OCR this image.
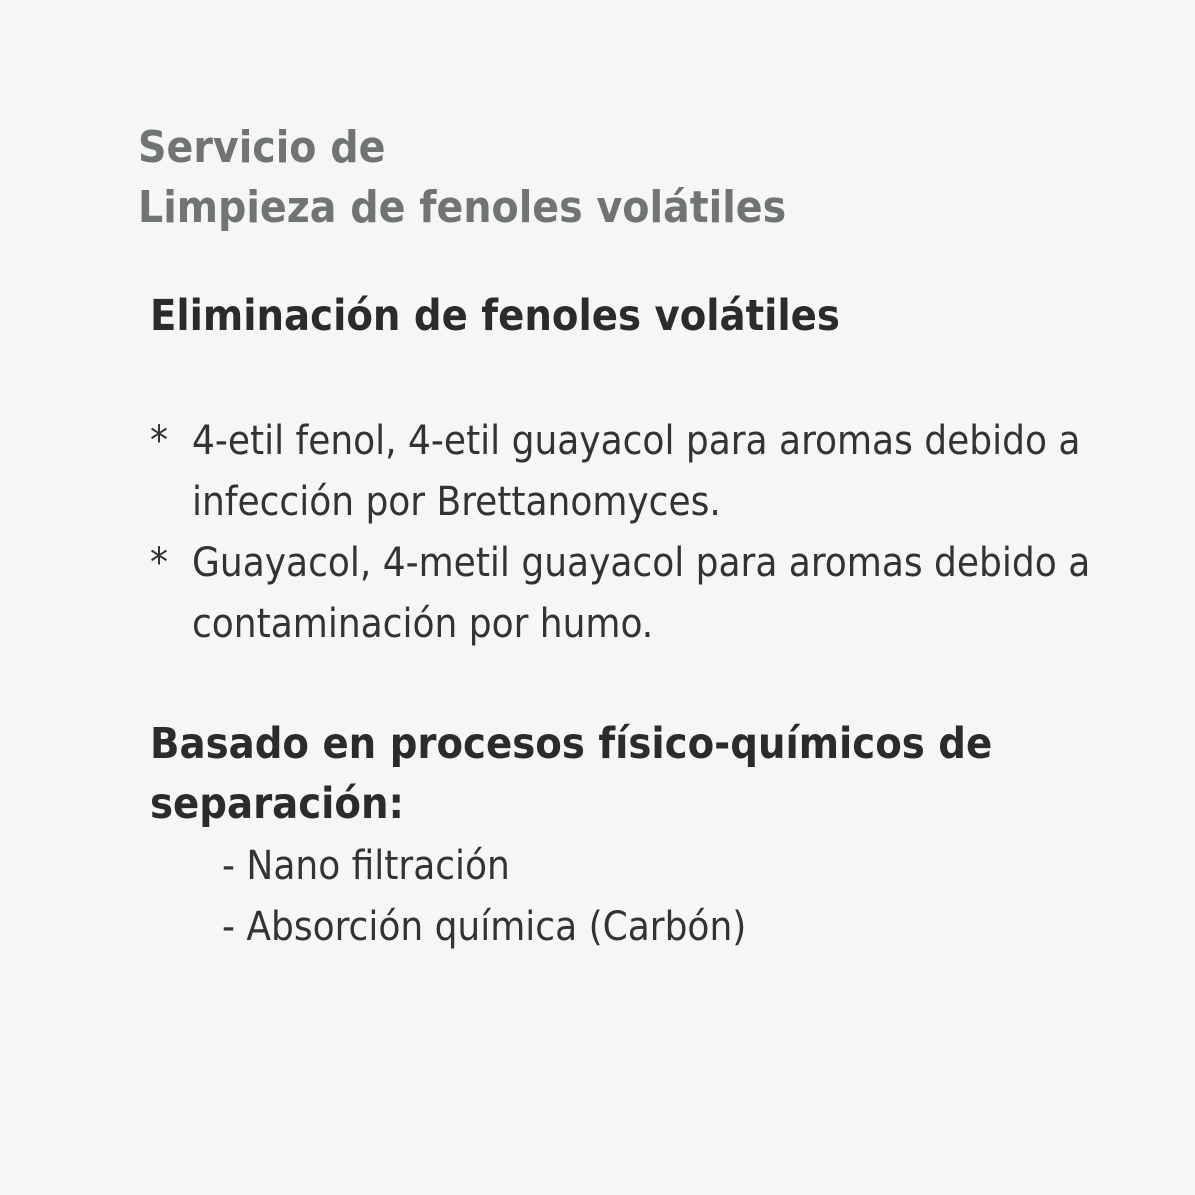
Servicio de
Limpieza de fenoles volátiles
Eliminación de fenoles volátiles
* 4-etil fenol, 4-etil guayacol para aromas debido a infección por Brettanomyces.
* Guayacol, 4-metil guayacol para aromas debido a contaminación por humo.
Basado en procesos físico-químicos de separación:
- Nano filtración
- Absorción química (Carbón)
